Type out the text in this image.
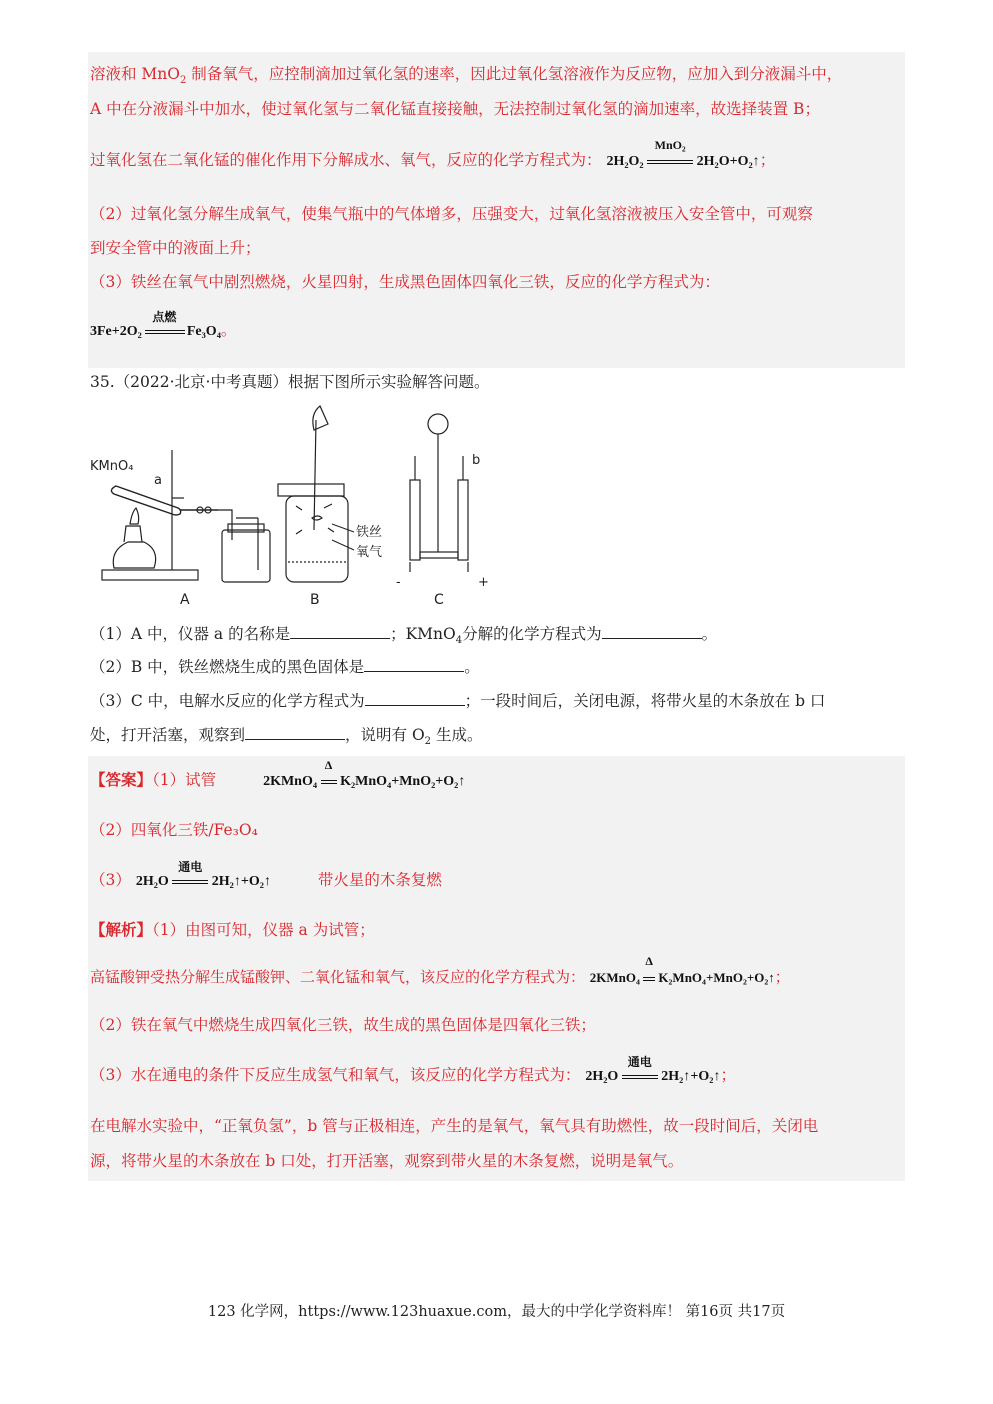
溶液和 MnO$_2$ 制备氧气，应控制滴加过氧化氢的速率，因此过氧化氢溶液作为反应物，应加入到分液漏斗中，
A 中在分液漏斗中加水，使过氧化氢与二氧化锰直接接触，无法控制过氧化氢的滴加速率，故选择装置 B；
过氧化氢在二氧化锰的催化作用下分解成水、氧气，反应的化学方程式为： 2H₂O₂
MnO₂
2H₂O+O₂↑；
（2）过氧化氢分解生成氧气，使集气瓶中的气体增多，压强变大，过氧化氢溶液被压入安全管中，可观察
到安全管中的液面上升；
（3）铁丝在氧气中剧烈燃烧，火星四射，生成黑色固体四氧化三铁，反应的化学方程式为：
3Fe+2O₂
点燃
Fe₃O₄。
35.（2022·北京·中考真题）根据下图所示实验解答问题。
KMnO₄
a
A
铁丝
氧气
B
b
-	+
C
（1）A 中，仪器 a 的名称是	；KMnO$_4$分解的化学方程式为	。
（2）B 中，铁丝燃烧生成的黑色固体是	。
（3）C 中，电解水反应的化学方程式为	；一段时间后，关闭电源，将带火星的木条放在 b 口
处，打开活塞，观察到	，说明有 $O_2$ 生成。
【答案】（1）试管	2KMnO₄
Δ
K₂MnO₄+MnO₂+O₂↑
（2）四氧化三铁/Fe₃O₄
（3） 2H₂O
通电
2H₂↑+O₂↑	带火星的木条复燃
【解析】（1）由图可知，仪器 a 为试管；
高锰酸钾受热分解生成锰酸钾、二氧化锰和氧气，该反应的化学方程式为： 2KMnO₄
Δ
K₂MnO₄+MnO₂+O₂↑；
（2）铁在氧气中燃烧生成四氧化三铁，故生成的黑色固体是四氧化三铁；
（3）水在通电的条件下反应生成氢气和氧气，该反应的化学方程式为： 2H₂O
通电
2H₂↑+O₂↑；
在电解水实验中，“正氧负氢”，b 管与正极相连，产生的是氧气，氧气具有助燃性，故一段时间后，关闭电
源，将带火星的木条放在 b 口处，打开活塞，观察到带火星的木条复燃，说明是氧气。
123 化学网，https://www.123huaxue.com，最大的中学化学资料库！ 第16页 共17页
